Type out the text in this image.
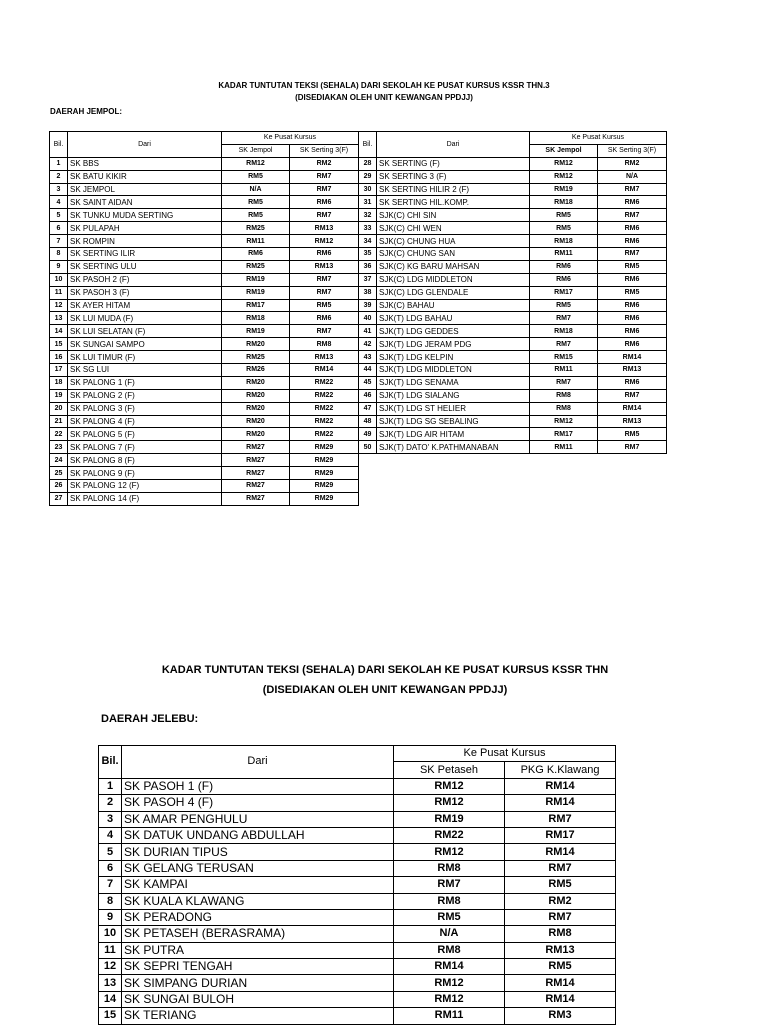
KADAR TUNTUTAN TEKSI (SEHALA) DARI SEKOLAH KE PUSAT KURSUS KSSR THN.3
(DISEDIAKAN OLEH UNIT KEWANGAN PPDJJ)
DAERAH JEMPOL:
Bil.	Dari	Ke Pusat Kursus	
		SK Jempol	SK Serting 3(F)
1	SK BBS	RM12	RM2
2	SK BATU KIKIR	RM5	RM7
3	SK JEMPOL	N/A	RM7
4	SK SAINT AIDAN	RM5	RM6
5	SK TUNKU MUDA SERTING	RM5	RM7
6	SK PULAPAH	RM25	RM13
7	SK ROMPIN	RM11	RM12
8	SK SERTING ILIR	RM6	RM6
9	SK SERTING ULU	RM25	RM13
10	SK PASOH 2 (F)	RM19	RM7
11	SK PASOH 3 (F)	RM19	RM7
12	SK AYER HITAM	RM17	RM5
13	SK LUI MUDA (F)	RM18	RM6
14	SK LUI SELATAN (F)	RM19	RM7
15	SK SUNGAI SAMPO	RM20	RM8
16	SK LUI TIMUR (F)	RM25	RM13
17	SK SG LUI	RM26	RM14
18	SK PALONG 1 (F)	RM20	RM22
19	SK PALONG 2 (F)	RM20	RM22
20	SK PALONG 3 (F)	RM20	RM22
21	SK PALONG 4 (F)	RM20	RM22
22	SK PALONG 5 (F)	RM20	RM22
23	SK PALONG 7 (F)	RM27	RM29
24	SK PALONG 8 (F)	RM27	RM29
25	SK PALONG 9 (F)	RM27	RM29
26	SK PALONG 12 (F)	RM27	RM29
27	SK PALONG 14 (F)	RM27	RM29
Bil.	Dari	Ke Pusat Kursus	
		SK Jempol	SK Serting 3(F)
28	SK SERTING (F)	RM12	RM2
29	SK SERTING 3 (F)	RM12	N/A
30	SK SERTING HILIR 2 (F)	RM19	RM7
31	SK SERTING HIL.KOMP.	RM18	RM6
32	SJK(C) CHI SIN	RM5	RM7
33	SJK(C) CHI WEN	RM5	RM6
34	SJK(C) CHUNG HUA	RM18	RM6
35	SJK(C) CHUNG SAN	RM11	RM7
36	SJK(C) KG BARU MAHSAN	RM6	RM5
37	SJK(C) LDG MIDDLETON	RM6	RM6
38	SJK(C) LDG GLENDALE	RM17	RM5
39	SJK(C) BAHAU	RM5	RM6
40	SJK(T) LDG BAHAU	RM7	RM6
41	SJK(T) LDG GEDDES	RM18	RM6
42	SJK(T) LDG JERAM PDG	RM7	RM6
43	SJK(T) LDG KELPIN	RM15	RM14
44	SJK(T) LDG MIDDLETON	RM11	RM13
45	SJK(T) LDG SENAMA	RM7	RM6
46	SJK(T) LDG SIALANG	RM8	RM7
47	SJK(T) LDG ST HELIER	RM8	RM14
48	SJK(T) LDG SG SEBALING	RM12	RM13
49	SJK(T) LDG AIR HITAM	RM17	RM5
50	SJK(T) DATO' K.PATHMANABAN	RM11	RM7
KADAR TUNTUTAN TEKSI (SEHALA) DARI SEKOLAH KE PUSAT KURSUS KSSR THN
(DISEDIAKAN OLEH UNIT KEWANGAN PPDJJ)
DAERAH JELEBU:
Bil.	Dari	Ke Pusat Kursus	
		SK Petaseh	PKG K.Klawang
1	SK PASOH 1 (F)	RM12	RM14
2	SK PASOH 4 (F)	RM12	RM14
3	SK AMAR PENGHULU	RM19	RM7
4	SK DATUK UNDANG ABDULLAH	RM22	RM17
5	SK DURIAN TIPUS	RM12	RM14
6	SK GELANG TERUSAN	RM8	RM7
7	SK KAMPAI	RM7	RM5
8	SK KUALA KLAWANG	RM8	RM2
9	SK PERADONG	RM5	RM7
10	SK PETASEH (BERASRAMA)	N/A	RM8
11	SK PUTRA	RM8	RM13
12	SK SEPRI TENGAH	RM14	RM5
13	SK SIMPANG DURIAN	RM12	RM14
14	SK SUNGAI BULOH	RM12	RM14
15	SK TERIANG	RM11	RM3
